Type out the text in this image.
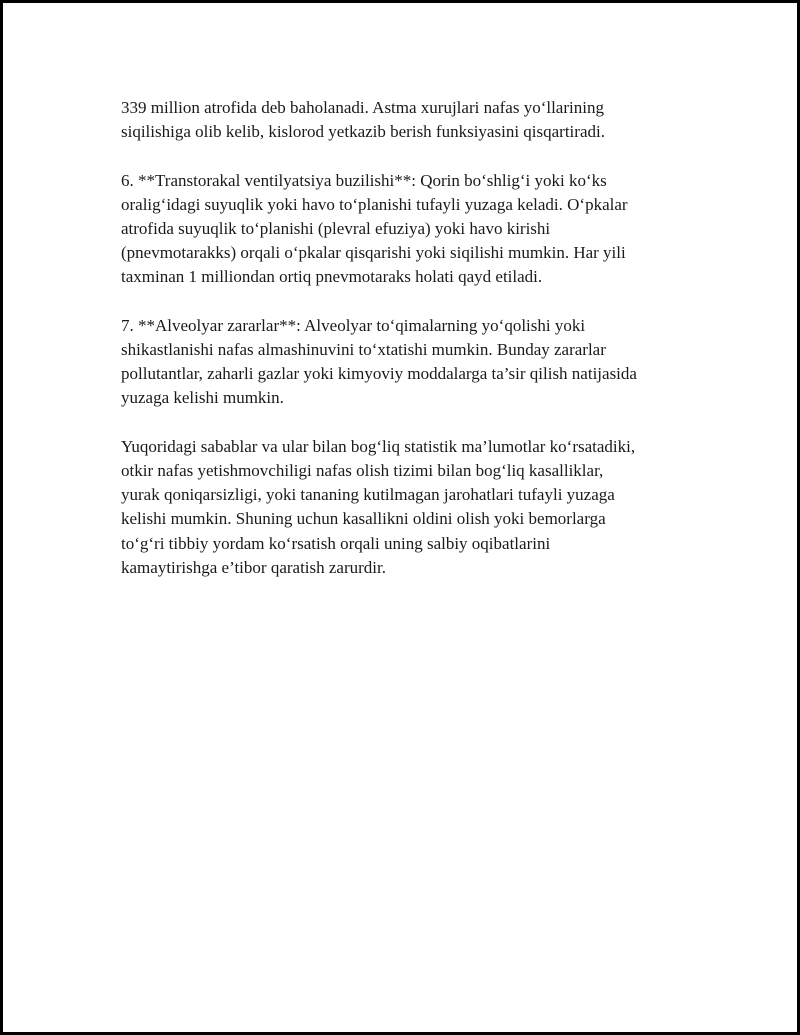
339 million atrofida deb baholanadi. Astma xurujlari nafas yo‘llarining
siqilishiga olib kelib, kislorod yetkazib berish funksiyasini qisqartiradi.

6. **Transtorakal ventilyatsiya buzilishi**: Qorin bo‘shlig‘i yoki ko‘ks
oralig‘idagi suyuqlik yoki havo to‘planishi tufayli yuzaga keladi. O‘pkalar
atrofida suyuqlik to‘planishi (plevral efuziya) yoki havo kirishi
(pnevmotarakks) orqali o‘pkalar qisqarishi yoki siqilishi mumkin. Har yili
taxminan 1 milliondan ortiq pnevmotaraks holati qayd etiladi.

7. **Alveolyar zararlar**: Alveolyar to‘qimalarning yo‘qolishi yoki
shikastlanishi nafas almashinuvini to‘xtatishi mumkin. Bunday zararlar
pollutantlar, zaharli gazlar yoki kimyoviy moddalarga ta’sir qilish natijasida
yuzaga kelishi mumkin.

Yuqoridagi sabablar va ular bilan bog‘liq statistik ma’lumotlar ko‘rsatadiki,
otkir nafas yetishmovchiligi nafas olish tizimi bilan bog‘liq kasalliklar,
yurak qoniqarsizligi, yoki tananing kutilmagan jarohatlari tufayli yuzaga
kelishi mumkin. Shuning uchun kasallikni oldini olish yoki bemorlarga
to‘g‘ri tibbiy yordam ko‘rsatish orqali uning salbiy oqibatlarini
kamaytirishga e’tibor qaratish zarurdir.
